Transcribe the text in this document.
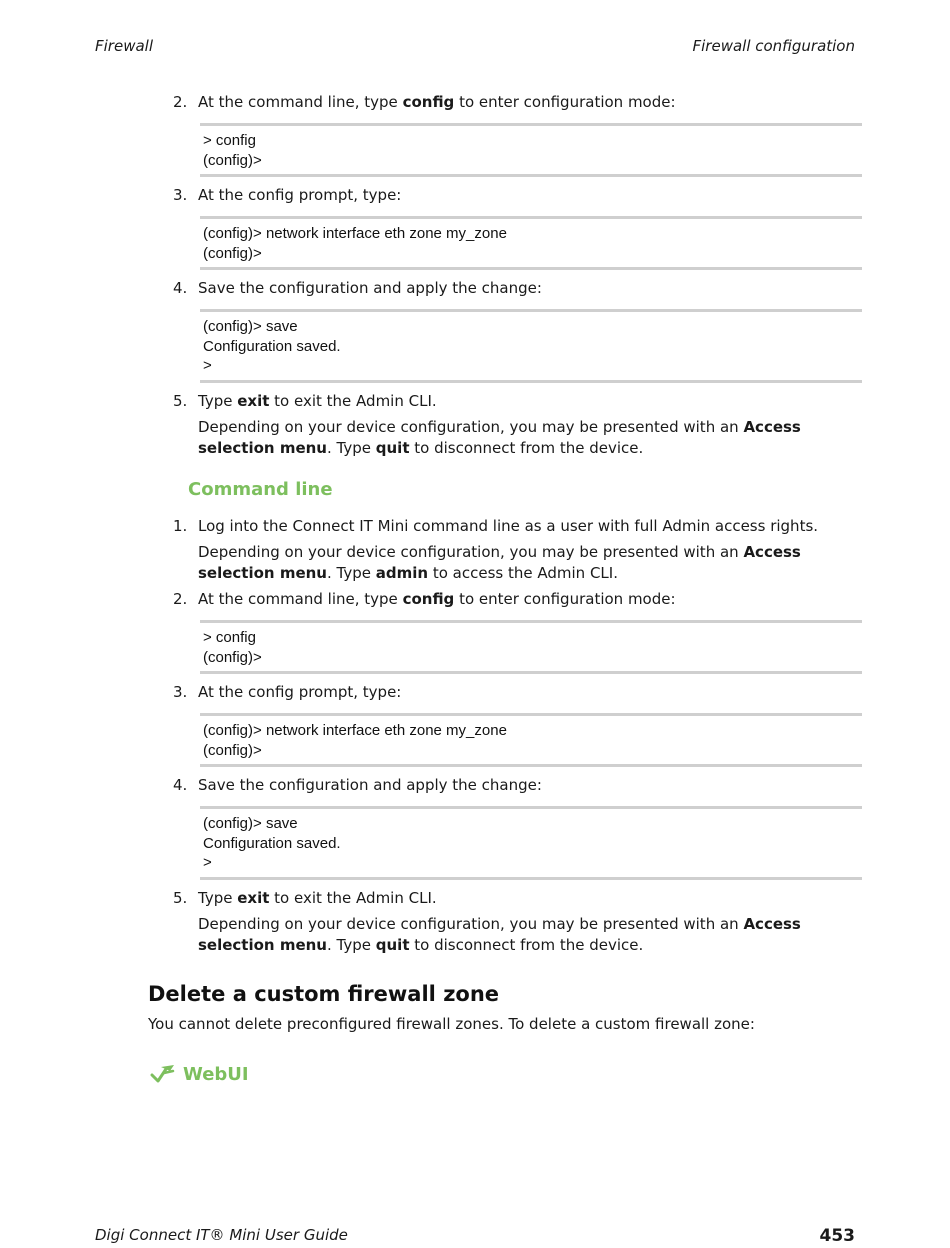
Firewall	Firewall configuration
2. At the command line, type config to enter configuration mode:
> config
(config)>
3. At the config prompt, type:
(config)> network interface eth zone my_zone
(config)>
4. Save the configuration and apply the change:
(config)> save
Configuration saved.
>
5. Type exit to exit the Admin CLI.
Depending on your device configuration, you may be presented with an Access selection menu. Type quit to disconnect from the device.
Command line
1. Log into the Connect IT Mini command line as a user with full Admin access rights.
Depending on your device configuration, you may be presented with an Access selection menu. Type admin to access the Admin CLI.
2. At the command line, type config to enter configuration mode:
> config
(config)>
3. At the config prompt, type:
(config)> network interface eth zone my_zone
(config)>
4. Save the configuration and apply the change:
(config)> save
Configuration saved.
>
5. Type exit to exit the Admin CLI.
Depending on your device configuration, you may be presented with an Access selection menu. Type quit to disconnect from the device.
Delete a custom firewall zone
You cannot delete preconfigured firewall zones. To delete a custom firewall zone:
WebUI
Digi Connect IT® Mini User Guide	453
